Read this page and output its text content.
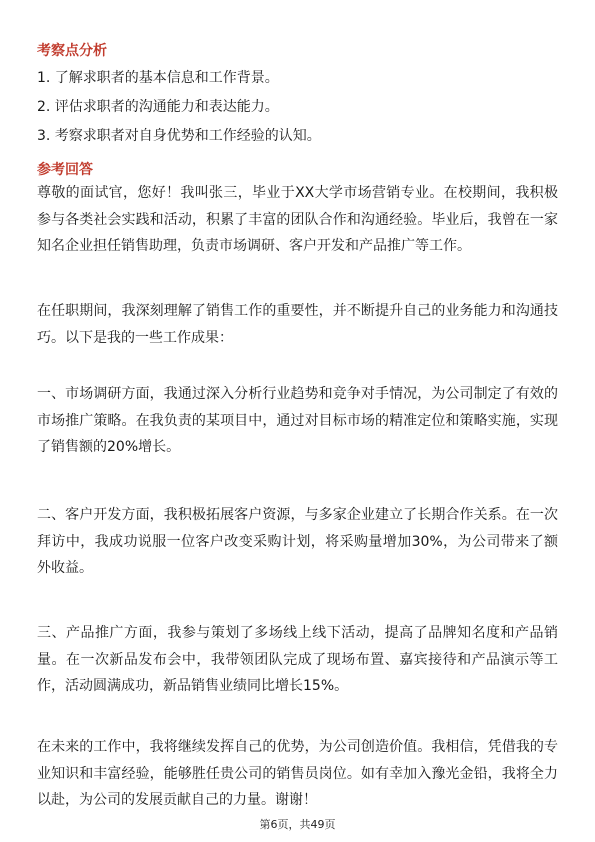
考察点分析
1. 了解求职者的基本信息和工作背景。
2. 评估求职者的沟通能力和表达能力。
3. 考察求职者对自身优势和工作经验的认知。
参考回答
尊敬的面试官，您好！我叫张三，毕业于XX大学市场营销专业。在校期间，我积极参与各类社会实践和活动，积累了丰富的团队合作和沟通经验。毕业后，我曾在一家知名企业担任销售助理，负责市场调研、客户开发和产品推广等工作。
在任职期间，我深刻理解了销售工作的重要性，并不断提升自己的业务能力和沟通技巧。以下是我的一些工作成果：
一、市场调研方面，我通过深入分析行业趋势和竞争对手情况，为公司制定了有效的市场推广策略。在我负责的某项目中，通过对目标市场的精准定位和策略实施，实现了销售额的20%增长。
二、客户开发方面，我积极拓展客户资源，与多家企业建立了长期合作关系。在一次拜访中，我成功说服一位客户改变采购计划，将采购量增加30%，为公司带来了额外收益。
三、产品推广方面，我参与策划了多场线上线下活动，提高了品牌知名度和产品销量。在一次新品发布会中，我带领团队完成了现场布置、嘉宾接待和产品演示等工作，活动圆满成功，新品销售业绩同比增长15%。
在未来的工作中，我将继续发挥自己的优势，为公司创造价值。我相信，凭借我的专业知识和丰富经验，能够胜任贵公司的销售员岗位。如有幸加入豫光金铅，我将全力以赴，为公司的发展贡献自己的力量。谢谢！
第6页，共49页
